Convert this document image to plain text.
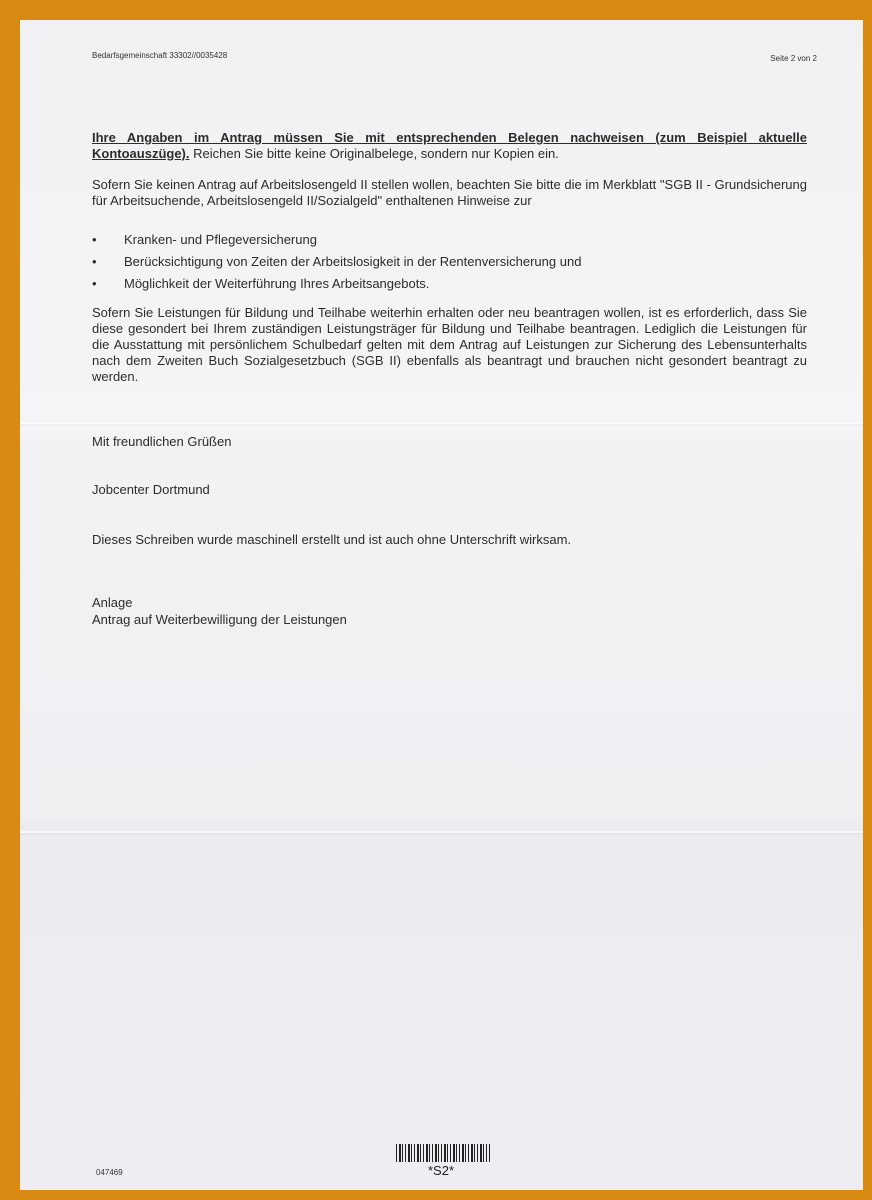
Bedarfsgemeinschaft 33302//0035428	Seite 2 von 2
Ihre Angaben im Antrag müssen Sie mit entsprechenden Belegen nachweisen (zum Beispiel aktuelle Kontoauszüge). Reichen Sie bitte keine Originalbelege, sondern nur Kopien ein.
Sofern Sie keinen Antrag auf Arbeitslosengeld II stellen wollen, beachten Sie bitte die im Merkblatt "SGB II - Grundsicherung für Arbeitsuchende, Arbeitslosengeld II/Sozialgeld" enthaltenen Hinweise zur
•	Kranken- und Pflegeversicherung
•	Berücksichtigung von Zeiten der Arbeitslosigkeit in der Rentenversicherung und
•	Möglichkeit der Weiterführung Ihres Arbeitsangebots.
Sofern Sie Leistungen für Bildung und Teilhabe weiterhin erhalten oder neu beantragen wollen, ist es erforderlich, dass Sie diese gesondert bei Ihrem zuständigen Leistungsträger für Bildung und Teilhabe beantragen. Lediglich die Leistungen für die Ausstattung mit persönlichem Schulbedarf gelten mit dem Antrag auf Leistungen zur Sicherung des Lebensunterhalts nach dem Zweiten Buch Sozialgesetzbuch (SGB II) ebenfalls als beantragt und brauchen nicht gesondert beantragt zu werden.
Mit freundlichen Grüßen
Jobcenter Dortmund
Dieses Schreiben wurde maschinell erstellt und ist auch ohne Unterschrift wirksam.
Anlage
Antrag auf Weiterbewilligung der Leistungen
047469	*S2*
